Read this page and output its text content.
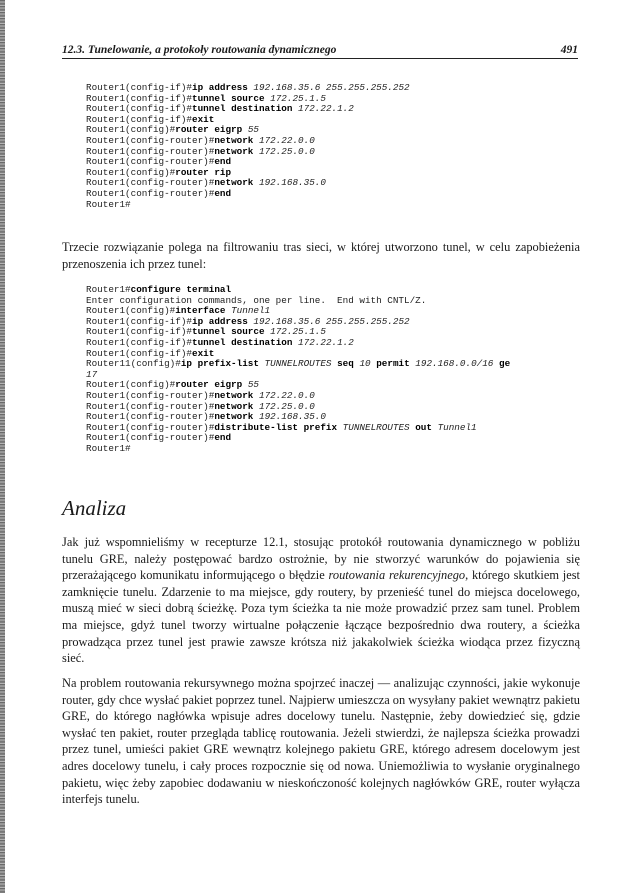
12.3. Tunelowanie, a protokoły routowania dynamicznego	491
Router1(config-if)#ip address 192.168.35.6 255.255.255.252
Router1(config-if)#tunnel source 172.25.1.5
Router1(config-if)#tunnel destination 172.22.1.2
Router1(config-if)#exit
Router1(config)#router eigrp 55
Router1(config-router)#network 172.22.0.0
Router1(config-router)#network 172.25.0.0
Router1(config-router)#end
Router1(config)#router rip
Router1(config-router)#network 192.168.35.0
Router1(config-router)#end
Router1#
Trzecie rozwiązanie polega na filtrowaniu tras sieci, w której utworzono tunel, w celu zapobieżenia przenoszenia ich przez tunel:
Router1#configure terminal
Enter configuration commands, one per line.  End with CNTL/Z.
Router1(config)#interface Tunnel1
Router1(config-if)#ip address 192.168.35.6 255.255.255.252
Router1(config-if)#tunnel source 172.25.1.5
Router1(config-if)#tunnel destination 172.22.1.2
Router1(config-if)#exit
Router11(config)#ip prefix-list TUNNELROUTES seq 10 permit 192.168.0.0/16 ge
17
Router1(config)#router eigrp 55
Router1(config-router)#network 172.22.0.0
Router1(config-router)#network 172.25.0.0
Router1(config-router)#network 192.168.35.0
Router1(config-router)#distribute-list prefix TUNNELROUTES out Tunnel1
Router1(config-router)#end
Router1#
Analiza
Jak już wspomnieliśmy w recepturze 12.1, stosując protokół routowania dynamicznego w pobliżu tunelu GRE, należy postępować bardzo ostrożnie, by nie stworzyć warunków do pojawienia się przerażającego komunikatu informującego o błędzie routowania rekurencyjnego, którego skutkiem jest zamknięcie tunelu. Zdarzenie to ma miejsce, gdy routery, by przenieść tunel do miejsca docelowego, muszą mieć w sieci dobrą ścieżkę. Poza tym ścieżka ta nie może prowadzić przez sam tunel. Problem ma miejsce, gdyż tunel tworzy wirtualne połączenie łączące bezpośrednio dwa routery, a ścieżka prowadząca przez tunel jest prawie zawsze krótsza niż jakakolwiek ścieżka wiodąca przez fizyczną sieć.
Na problem routowania rekursywnego można spojrzeć inaczej — analizując czynności, jakie wykonuje router, gdy chce wysłać pakiet poprzez tunel. Najpierw umieszcza on wysyłany pakiet wewnątrz pakietu GRE, do którego nagłówka wpisuje adres docelowy tunelu. Następnie, żeby dowiedzieć się, gdzie wysłać ten pakiet, router przegląda tablicę routowania. Jeżeli stwierdzi, że najlepsza ścieżka prowadzi przez tunel, umieści pakiet GRE wewnątrz kolejnego pakietu GRE, którego adresem docelowym jest adres docelowy tunelu, i cały proces rozpocznie się od nowa. Uniemożliwia to wysłanie oryginalnego pakietu, więc żeby zapobiec dodawaniu w nieskończoność kolejnych nagłówków GRE, router wyłącza interfejs tunelu.
